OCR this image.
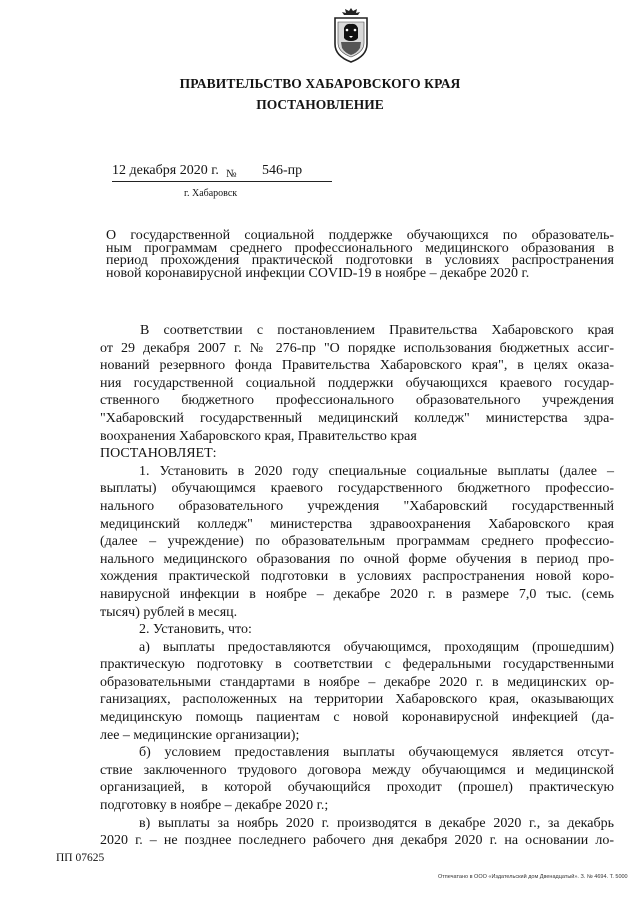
ПРАВИТЕЛЬСТВО ХАБАРОВСКОГО КРАЯ
ПОСТАНОВЛЕНИЕ
12 декабря 2020 г. № 546-пр
г. Хабаровск
О государственной социальной поддержке обучающихся по образователь-
ным программам среднего профессионального медицинского образования в
период прохождения практической подготовки в условиях распространения
новой коронавирусной инфекции COVID-19 в ноябре – декабре 2020 г.
В соответствии с постановлением Правительства Хабаровского края
от 29 декабря 2007 г. № 276-пр "О порядке использования бюджетных ассиг-
нований резервного фонда Правительства Хабаровского края", в целях оказа-
ния государственной социальной поддержки обучающихся краевого государ-
ственного бюджетного профессионального образовательного учреждения
"Хабаровский государственный медицинский колледж" министерства здра-
воохранения Хабаровского края, Правительство края
ПОСТАНОВЛЯЕТ:
1. Установить в 2020 году специальные социальные выплаты (далее –
выплаты) обучающимся краевого государственного бюджетного профессио-
нального образовательного учреждения "Хабаровский государственный
медицинский колледж" министерства здравоохранения Хабаровского края
(далее – учреждение) по образовательным программам среднего профессио-
нального медицинского образования по очной форме обучения в период про-
хождения практической подготовки в условиях распространения новой коро-
навирусной инфекции в ноябре – декабре 2020 г. в размере 7,0 тыс. (семь
тысяч) рублей в месяц.
2. Установить, что:
а) выплаты предоставляются обучающимся, проходящим (прошедшим)
практическую подготовку в соответствии с федеральными государственными
образовательными стандартами в ноябре – декабре 2020 г. в медицинских ор-
ганизациях, расположенных на территории Хабаровского края, оказывающих
медицинскую помощь пациентам с новой коронавирусной инфекцией (да-
лее – медицинские организации);
б) условием предоставления выплаты обучающемуся является отсут-
ствие заключенного трудового договора между обучающимся и медицинской
организацией, в которой обучающийся проходит (прошел) практическую
подготовку в ноябре – декабре 2020 г.;
в) выплаты за ноябрь 2020 г. производятся в декабре 2020 г., за декабрь
2020 г. – не позднее последнего рабочего дня декабря 2020 г. на основании ло-
ПП 07625
Отпечатано в ООО «Издательский дом Двенадцатый». З. № 4694. Т. 5000
